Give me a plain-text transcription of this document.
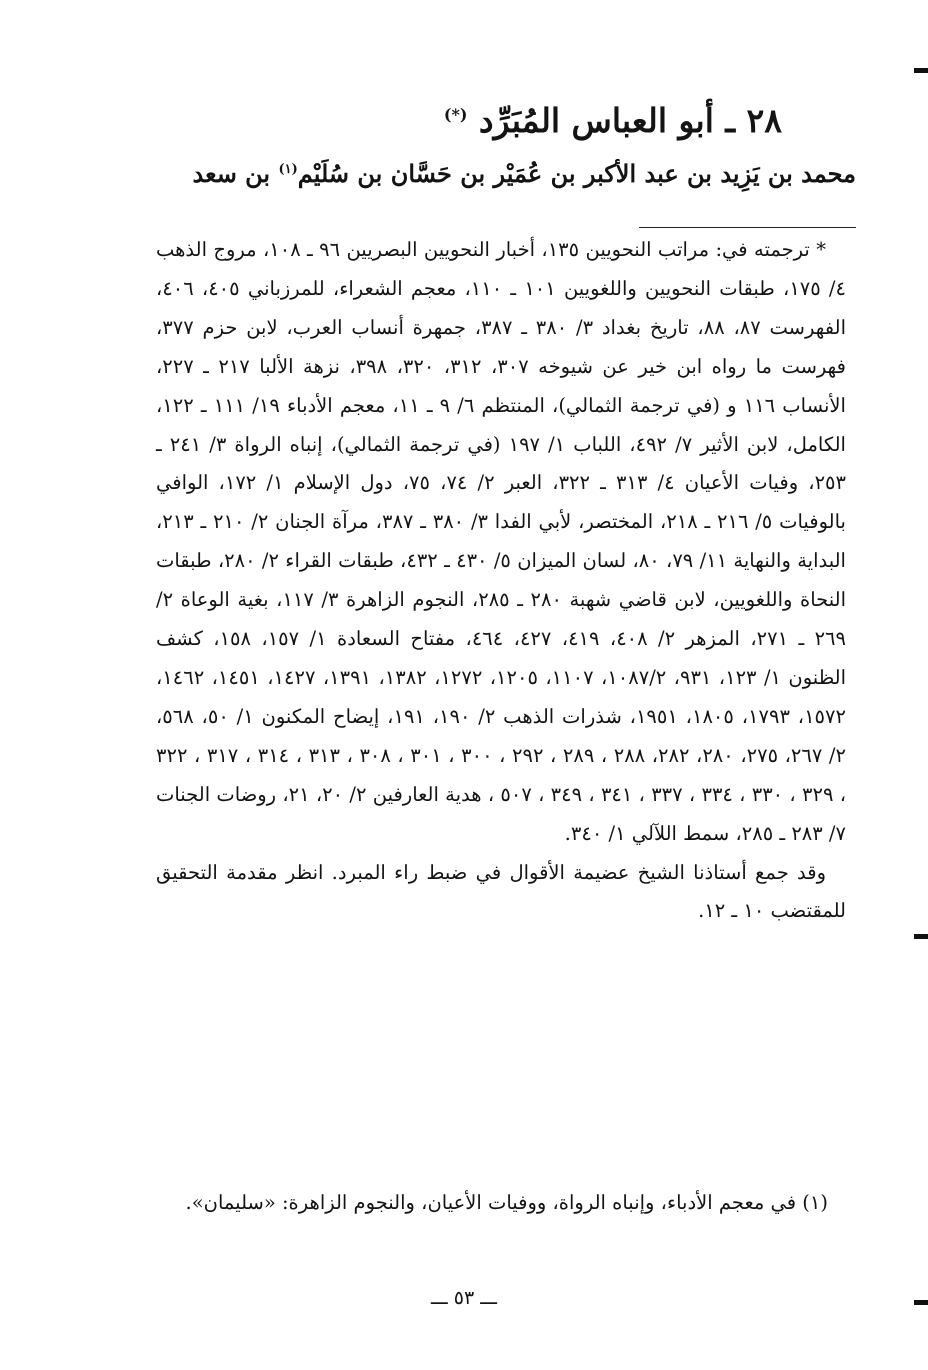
٢٨ ـ أبو العباس المُبَرِّد (*)
محمد بن يَزِيد بن عبد الأكبر بن عُمَيْر بن حَسَّان بن سُلَيْم$^{(١)}$ بن سعد

* ترجمته في: مراتب النحويين ١٣٥، أخبار النحويين البصريين ٩٦ ـ ١٠٨، مروج الذهب ٤/ ١٧٥، طبقات النحويين واللغويين ١٠١ ـ ١١٠، معجم الشعراء، للمرزباني ٤٠٥، ٤٠٦، الفهرست ٨٧، ٨٨، تاريخ بغداد ٣/ ٣٨٠ ـ ٣٨٧، جمهرة أنساب العرب، لابن حزم ٣٧٧، فهرست ما رواه ابن خير عن شيوخه ٣٠٧، ٣١٢، ٣٢٠، ٣٩٨، نزهة الألبا ٢١٧ ـ ٢٢٧، الأنساب ١١٦ و (في ترجمة الثمالي)، المنتظم ٦/ ٩ ـ ١١، معجم الأدباء ١٩/ ١١١ ـ ١٢٢، الكامل، لابن الأثير ٧/ ٤٩٢، اللباب ١/ ١٩٧ (في ترجمة الثمالي)، إنباه الرواة ٣/ ٢٤١ ـ ٢٥٣، وفيات الأعيان ٤/ ٣١٣ ـ ٣٢٢، العبر ٢/ ٧٤، ٧٥، دول الإسلام ١/ ١٧٢، الوافي بالوفيات ٥/ ٢١٦ ـ ٢١٨، المختصر، لأبي الفدا ٣/ ٣٨٠ ـ ٣٨٧، مرآة الجنان ٢/ ٢١٠ ـ ٢١٣، البداية والنهاية ١١/ ٧٩، ٨٠، لسان الميزان ٥/ ٤٣٠ ـ ٤٣٢، طبقات القراء ٢/ ٢٨٠، طبقات النحاة واللغويين، لابن قاضي شهبة ٢٨٠ ـ ٢٨٥، النجوم الزاهرة ٣/ ١١٧، بغية الوعاة ٢/ ٢٦٩ ـ ٢٧١، المزهر ٢/ ٤٠٨، ٤١٩، ٤٢٧، ٤٦٤، مفتاح السعادة ١/ ١٥٧، ١٥٨، كشف الظنون ١/ ١٢٣، ٩٣١، ١٠٨٧/٢، ١١٠٧، ١٢٠٥، ١٢٧٢، ١٣٨٢، ١٣٩١، ١٤٢٧، ١٤٥١، ١٤٦٢، ١٥٧٢، ١٧٩٣، ١٨٠٥، ١٩٥١، شذرات الذهب ٢/ ١٩٠، ١٩١، إيضاح المكنون ١/ ٥٠، ٥٦٨، ٢/ ٢٦٧، ٢٧٥، ٢٨٠، ٢٨٢، ٢٨٨ ، ٢٨٩ ، ٢٩٢ ، ٣٠٠ ، ٣٠١ ، ٣٠٨ ، ٣١٣ ، ٣١٤ ، ٣١٧ ، ٣٢٢ ، ٣٢٩ ، ٣٣٠ ، ٣٣٤ ، ٣٣٧ ، ٣٤١ ، ٣٤٩ ، ٥٠٧ ، هدية العارفين ٢/ ٢٠، ٢١، روضات الجنات ٧/ ٢٨٣ ـ ٢٨٥، سمط اللآلي ١/ ٣٤٠.

وقد جمع أستاذنا الشيخ عضيمة الأقوال في ضبط راء المبرد. انظر مقدمة التحقيق للمقتضب ١٠ ـ ١٢.

(١) في معجم الأدباء، وإنباه الرواة، ووفيات الأعيان، والنجوم الزاهرة: «سليمان».
ـــ ٥٣ ـــ
